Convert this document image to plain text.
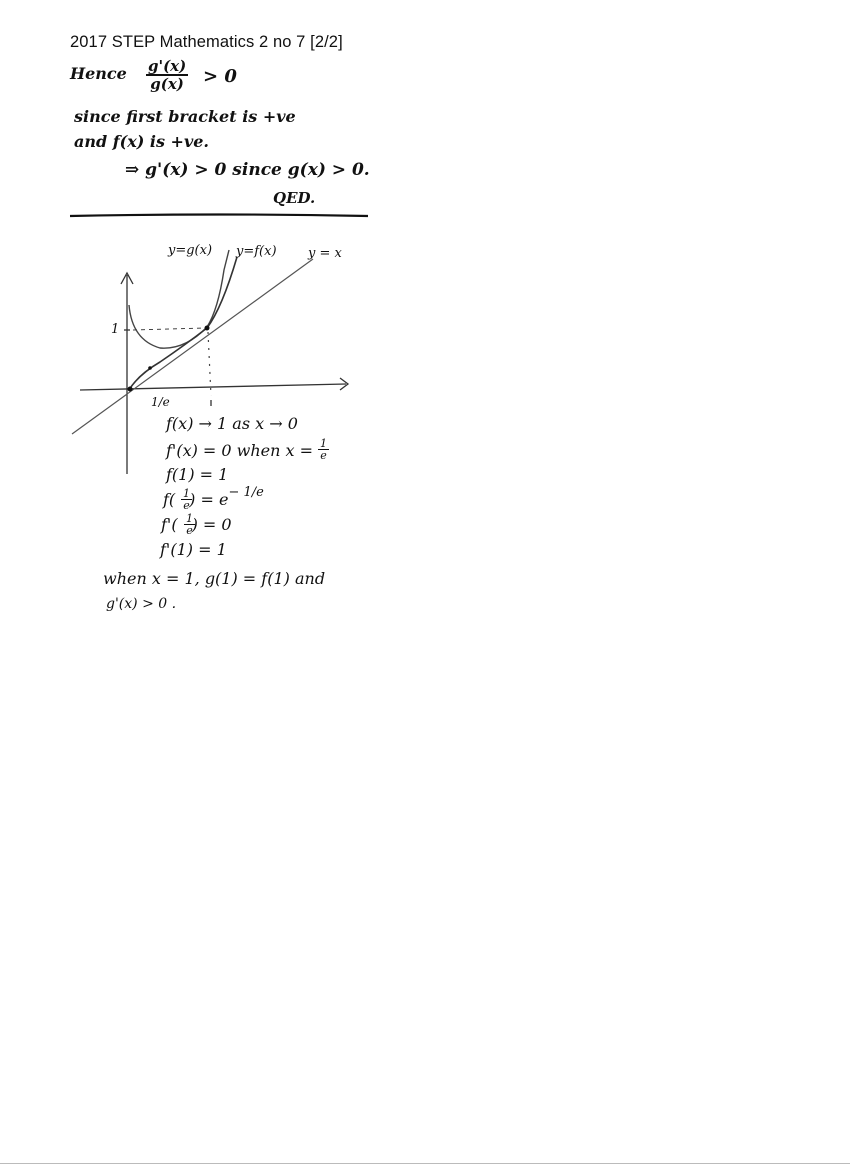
2017 STEP Mathematics 2 no 7 [2/2]
Hence $\frac{g'(x)}{g(x)} > 0$
since first bracket is +ve
and f(x) is +ve.
⇒ g'(x) > 0 since g(x) > 0.
QED.
y=g(x) y=f(x) y = x
1
1/e
f(x) → 1 as x → 0
f'(x) = 0 when $x = \frac{1}{e}$
f(1) = 1
f( ) = $e^{- 1/e}$
$\frac{1}{e}$
f'( ) = 0
$\frac{1}{e}$
f'(1) = 1
when x = 1, g(1) = f(1) and
g'(x) > 0 .
